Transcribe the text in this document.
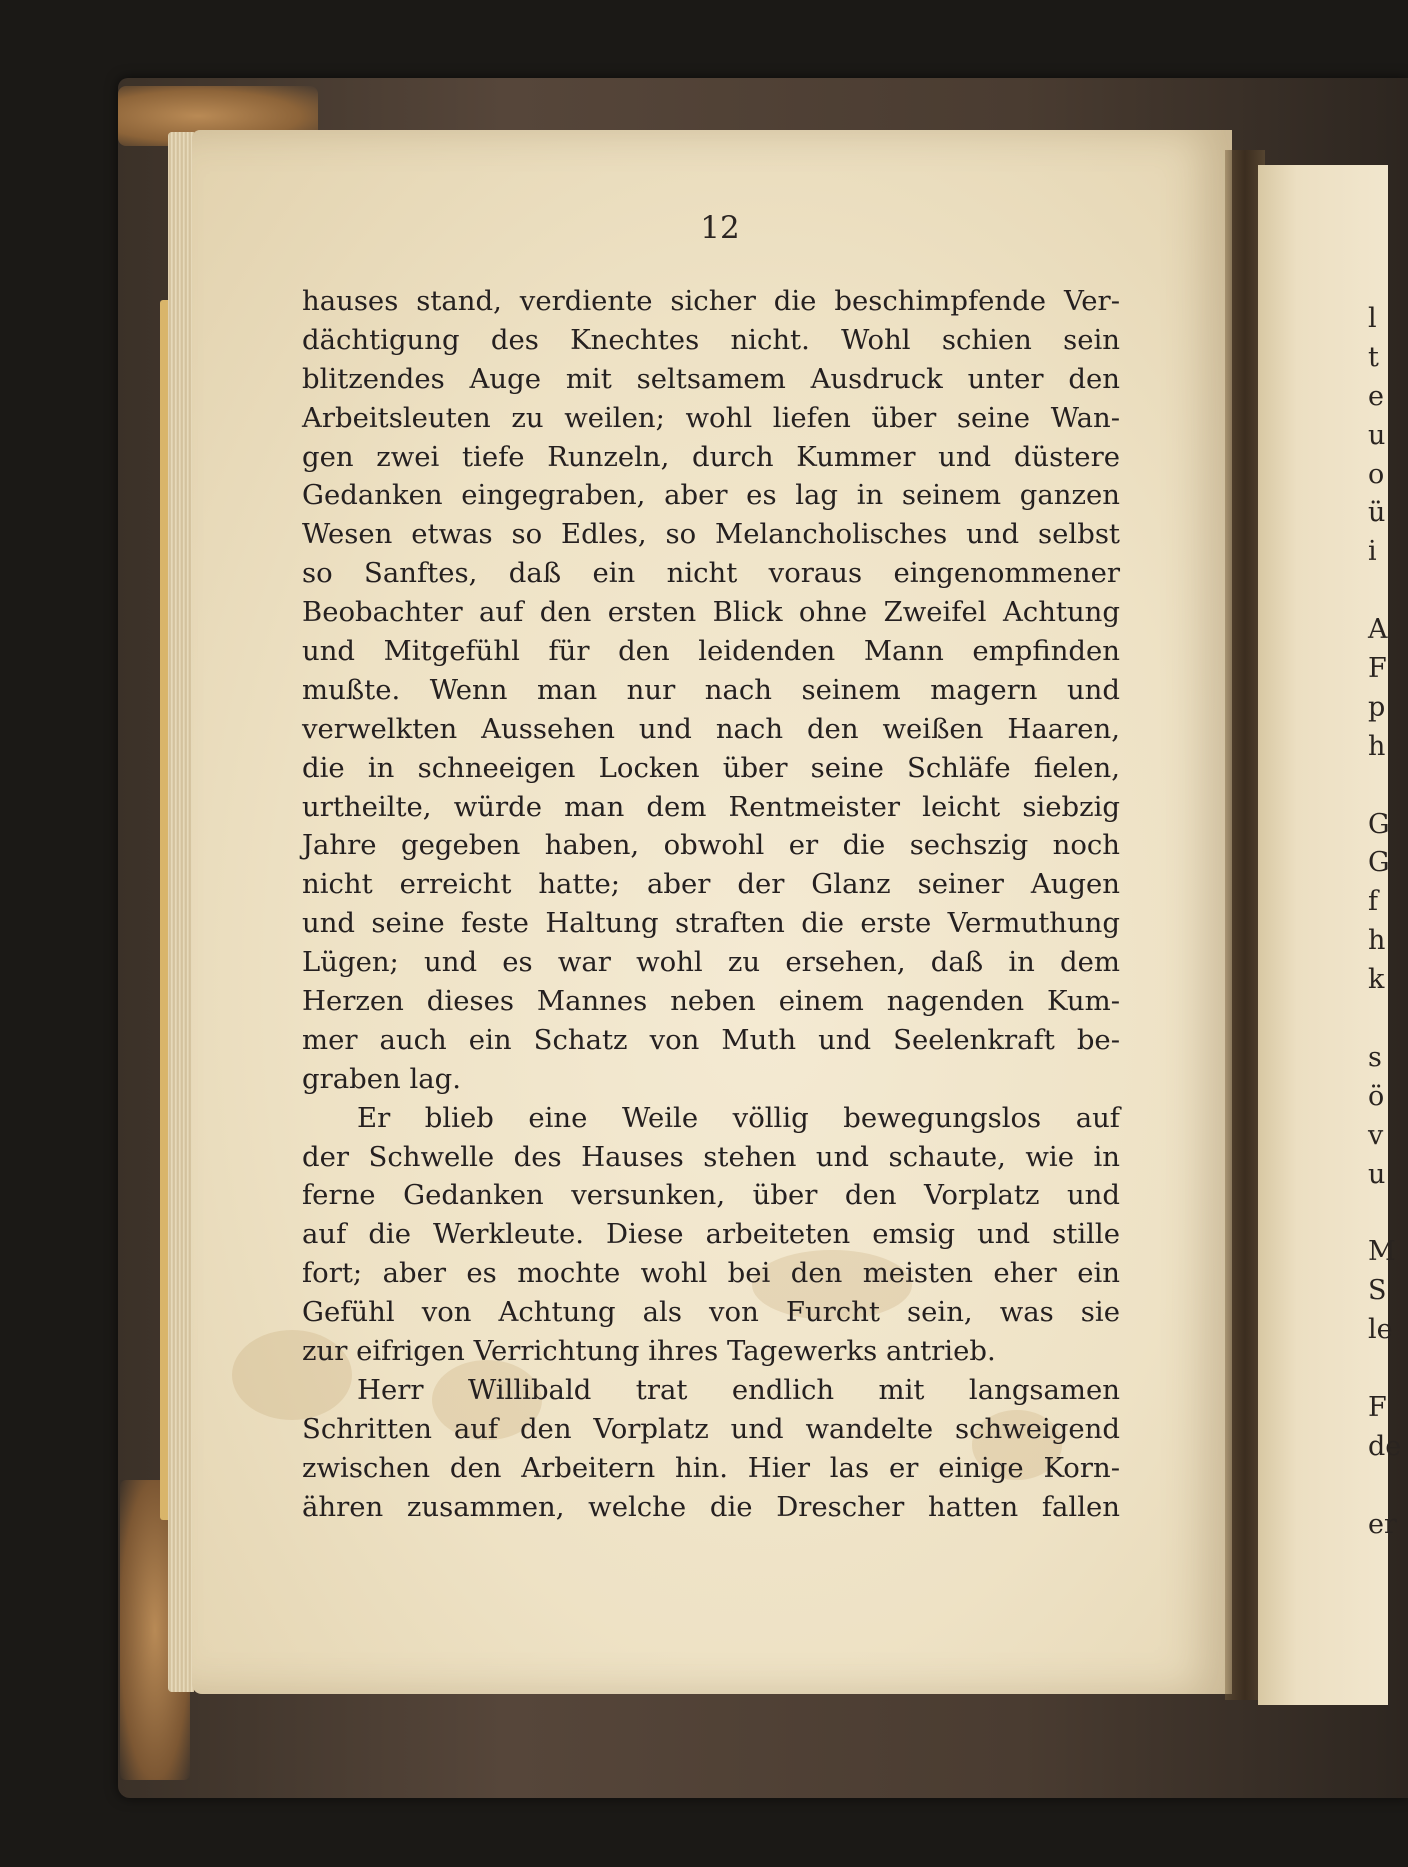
12
hauses stand, verdiente sicher die beschimpfende Ver-
dächtigung des Knechtes nicht. Wohl schien sein
blitzendes Auge mit seltsamem Ausdruck unter den
Arbeitsleuten zu weilen; wohl liefen über seine Wan-
gen zwei tiefe Runzeln, durch Kummer und düstere
Gedanken eingegraben, aber es lag in seinem ganzen
Wesen etwas so Edles, so Melancholisches und selbst
so Sanftes, daß ein nicht voraus eingenommener
Beobachter auf den ersten Blick ohne Zweifel Achtung
und Mitgefühl für den leidenden Mann empfinden
mußte. Wenn man nur nach seinem magern und
verwelkten Aussehen und nach den weißen Haaren,
die in schneeigen Locken über seine Schläfe fielen,
urtheilte, würde man dem Rentmeister leicht siebzig
Jahre gegeben haben, obwohl er die sechszig noch
nicht erreicht hatte; aber der Glanz seiner Augen
und seine feste Haltung straften die erste Vermuthung
Lügen; und es war wohl zu ersehen, daß in dem
Herzen dieses Mannes neben einem nagenden Kum-
mer auch ein Schatz von Muth und Seelenkraft be-
graben lag.
Er blieb eine Weile völlig bewegungslos auf
der Schwelle des Hauses stehen und schaute, wie in
ferne Gedanken versunken, über den Vorplatz und
auf die Werkleute. Diese arbeiteten emsig und stille
fort; aber es mochte wohl bei den meisten eher ein
Gefühl von Achtung als von Furcht sein, was sie
zur eifrigen Verrichtung ihres Tagewerks antrieb.
Herr Willibald trat endlich mit langsamen
Schritten auf den Vorplatz und wandelte schweigend
zwischen den Arbeitern hin. Hier las er einige Korn-
ähren zusammen, welche die Drescher hatten fallen
l
t
e
u
o
ü
i
A
F
p
h
G
G
f
h
k
s
ö
v
u
M
S
le
F
de
er
